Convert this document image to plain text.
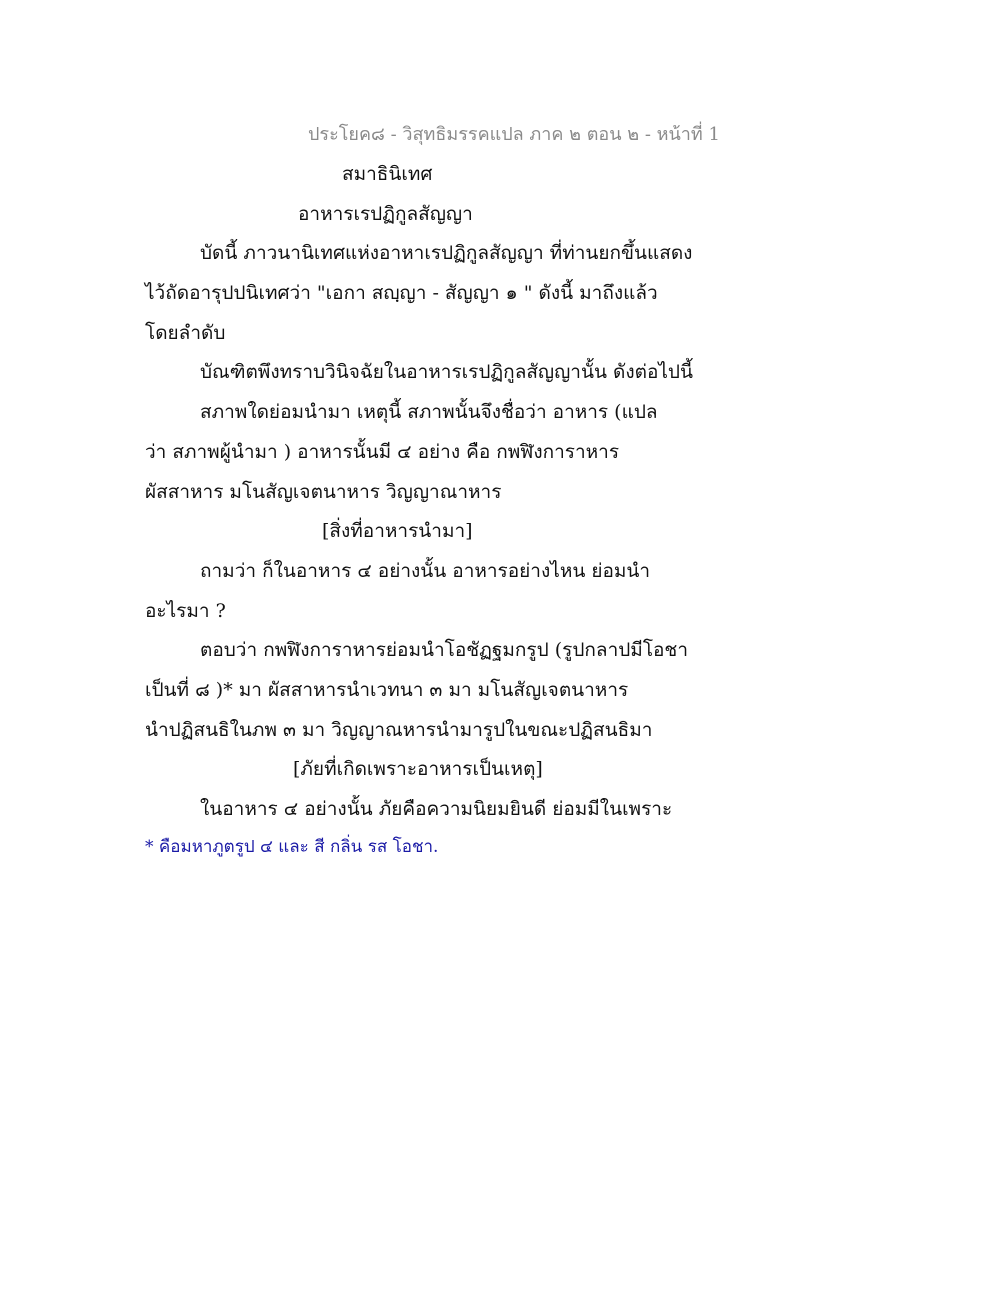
ประโยค๘ - วิสุทธิมรรคแปล ภาค ๒ ตอน ๒ - หน้าที่ 1
สมาธินิเทศ
อาหารเรปฏิกูลสัญญา
บัดนี้ ภาวนานิเทศแห่งอาหาเรปฏิกูลสัญญา ที่ท่านยกขึ้นแสดง
ไว้ถัดอารุปปนิเทศว่า "เอกา สญฺญา - สัญญา ๑ " ดังนี้ มาถึงแล้ว
โดยลำดับ
บัณฑิตพึงทราบวินิจฉัยในอาหารเรปฏิกูลสัญญานั้น ดังต่อไปนี้
สภาพใดย่อมนำมา เหตุนี้ สภาพนั้นจึงชื่อว่า อาหาร (แปล
ว่า สภาพผู้นำมา ) อาหารนั้นมี ๔ อย่าง คือ กพฬิงการาหาร
ผัสสาหาร มโนสัญเจตนาหาร วิญญาณาหาร
[สิ่งที่อาหารนำมา]
ถามว่า ก็ในอาหาร ๔ อย่างนั้น อาหารอย่างไหน ย่อมนำ
อะไรมา ?
ตอบว่า กพฬิงการาหารย่อมนำโอชัฏฐมกรูป (รูปกลาปมีโอชา
เป็นที่ ๘ )* มา ผัสสาหารนำเวทนา ๓ มา มโนสัญเจตนาหาร
นำปฏิสนธิในภพ ๓ มา วิญญาณหารนำมารูปในขณะปฏิสนธิมา
[ภัยที่เกิดเพราะอาหารเป็นเหตุ]
ในอาหาร ๔ อย่างนั้น ภัยคือความนิยมยินดี ย่อมมีในเพราะ
* คือมหาภูตรูป ๔ และ สี กลิ่น รส โอชา.
